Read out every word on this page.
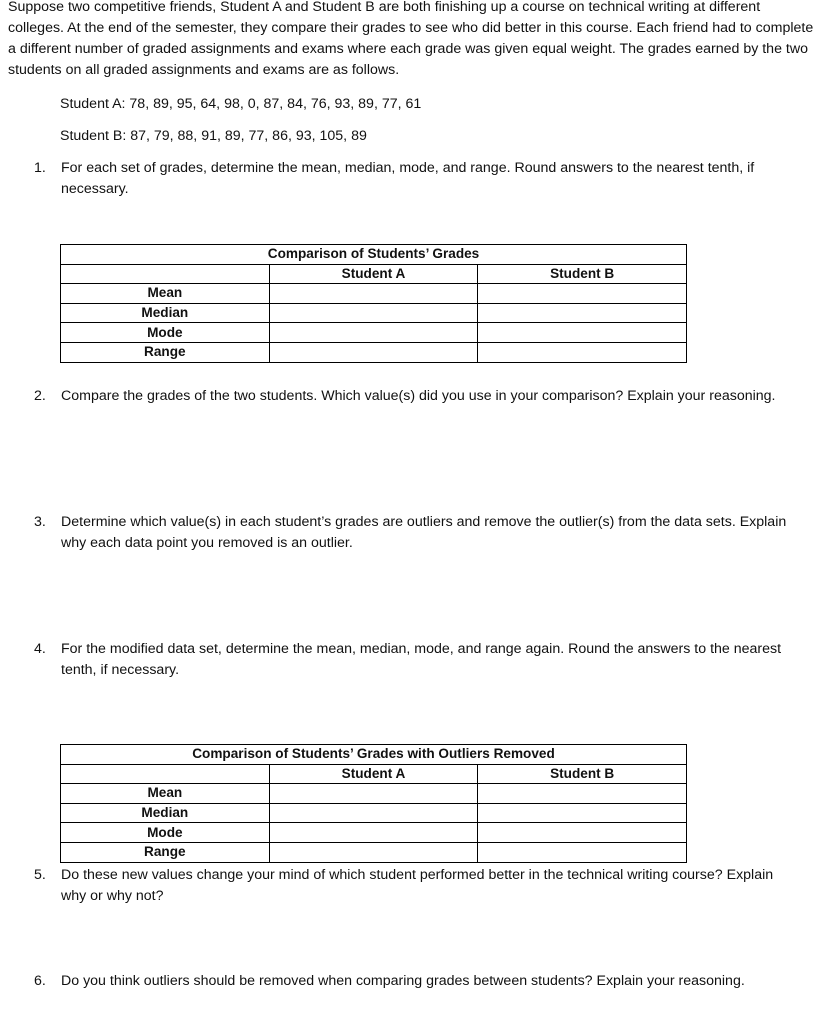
Suppose two competitive friends, Student A and Student B are both finishing up a course on technical writing at different colleges. At the end of the semester, they compare their grades to see who did better in this course. Each friend had to complete a different number of graded assignments and exams where each grade was given equal weight. The grades earned by the two students on all graded assignments and exams are as follows.

Student A: 78, 89, 95, 64, 98, 0, 87, 84, 76, 93, 89, 77, 61

Student B: 87, 79, 88, 91, 89, 77, 86, 93, 105, 89

1. For each set of grades, determine the mean, median, mode, and range. Round answers to the nearest tenth, if necessary.
Comparison of Students’ Grades		
	Student A	Student B
Mean		
Median		
Mode		
Range		
2. Compare the grades of the two students. Which value(s) did you use in your comparison? Explain your reasoning.
3. Determine which value(s) in each student’s grades are outliers and remove the outlier(s) from the data sets. Explain why each data point you removed is an outlier.
4. For the modified data set, determine the mean, median, mode, and range again. Round the answers to the nearest tenth, if necessary.
Comparison of Students’ Grades with Outliers Removed		
	Student A	Student B
Mean		
Median		
Mode		
Range		
5. Do these new values change your mind of which student performed better in the technical writing course? Explain why or why not?
6. Do you think outliers should be removed when comparing grades between students? Explain your reasoning.
